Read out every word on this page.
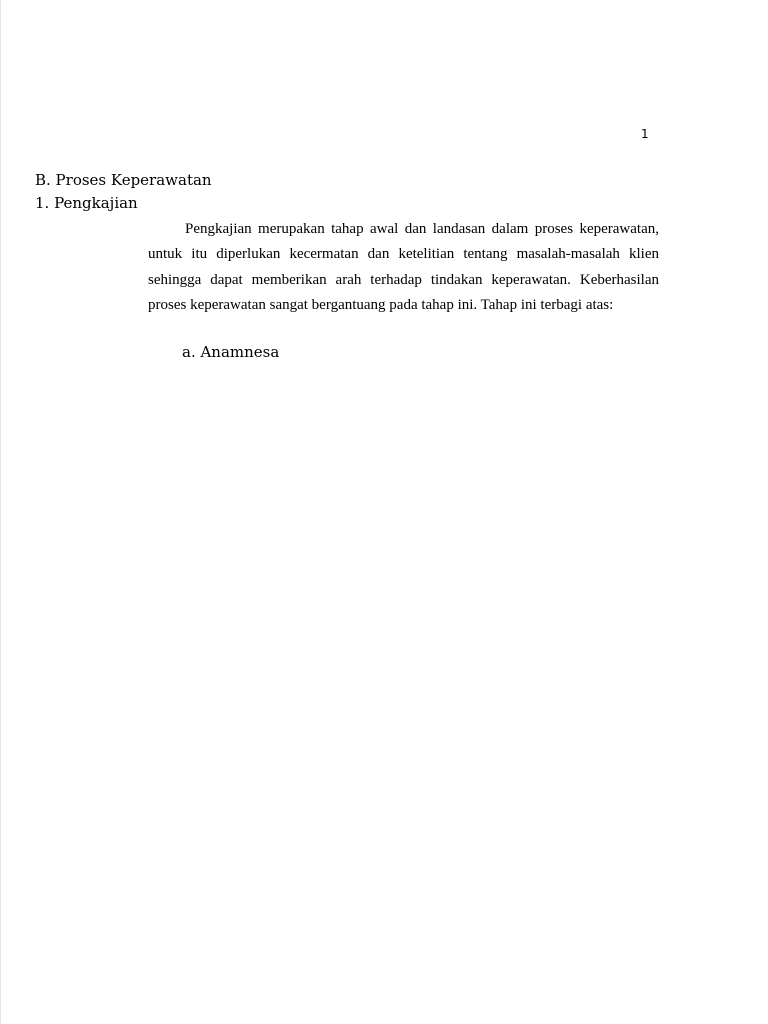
1
B. Proses Keperawatan
1. Pengkajian

Pengkajian merupakan tahap awal dan landasan dalam proses keperawatan, untuk itu diperlukan kecermatan dan ketelitian tentang masalah-masalah klien sehingga dapat memberikan arah terhadap tindakan keperawatan. Keberhasilan proses keperawatan sangat bergantuang pada tahap ini. Tahap ini terbagi atas:

a. Anamnesa
